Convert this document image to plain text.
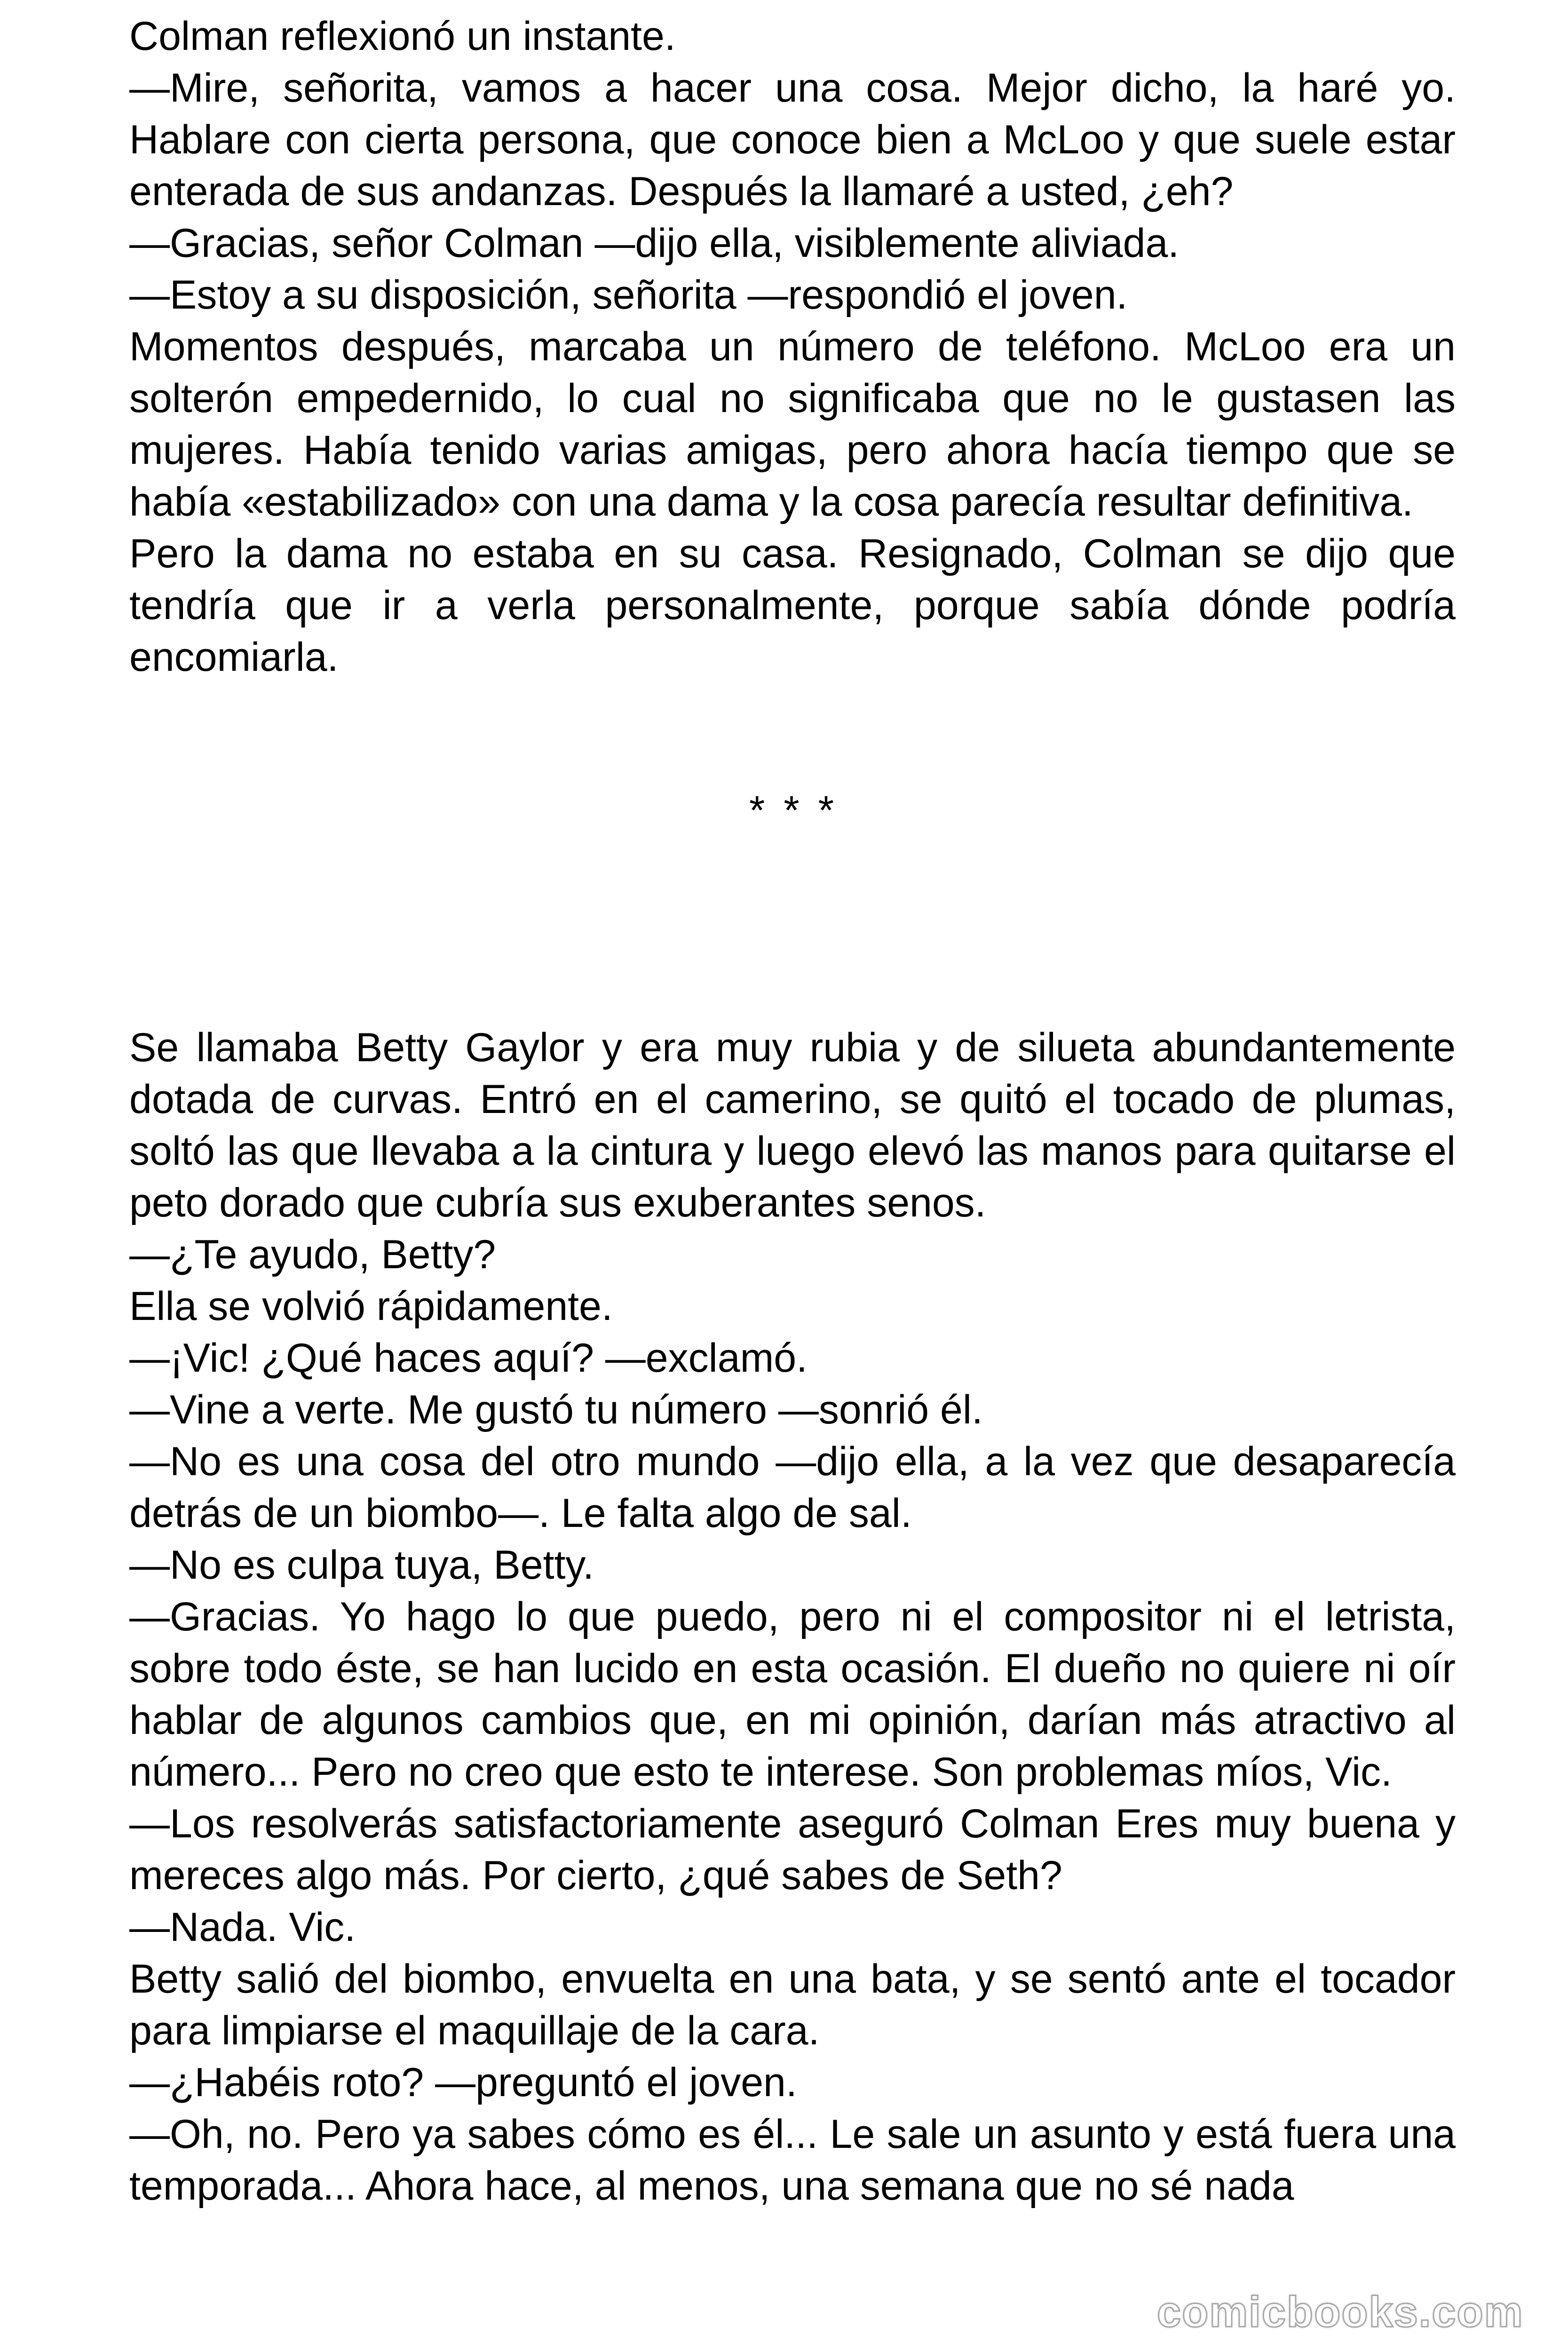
Colman reflexionó un instante.

—Mire, señorita, vamos a hacer una cosa. Mejor dicho, la haré yo. Hablare con cierta persona, que conoce bien a McLoo y que suele estar enterada de sus andanzas. Después la llamaré a usted, ¿eh?

—Gracias, señor Colman —dijo ella, visiblemente aliviada.

—Estoy a su disposición, señorita —respondió el joven.

Momentos después, marcaba un número de teléfono. McLoo era un solterón empedernido, lo cual no significaba que no le gustasen las mujeres. Había tenido varias amigas, pero ahora hacía tiempo que se había «estabilizado» con una dama y la cosa parecía resultar definitiva.

Pero la dama no estaba en su casa. Resignado, Colman se dijo que tendría que ir a verla personalmente, porque sabía dónde podría encomiarla.

* * *

Se llamaba Betty Gaylor y era muy rubia y de silueta abundantemente dotada de curvas. Entró en el camerino, se quitó el tocado de plumas, soltó las que llevaba a la cintura y luego elevó las manos para quitarse el peto dorado que cubría sus exuberantes senos.

—¿Te ayudo, Betty?

Ella se volvió rápidamente.

—¡Vic! ¿Qué haces aquí? —exclamó.

—Vine a verte. Me gustó tu número —sonrió él.

—No es una cosa del otro mundo —dijo ella, a la vez que desaparecía detrás de un biombo—. Le falta algo de sal.

—No es culpa tuya, Betty.

—Gracias. Yo hago lo que puedo, pero ni el compositor ni el letrista, sobre todo éste, se han lucido en esta ocasión. El dueño no quiere ni oír hablar de algunos cambios que, en mi opinión, darían más atractivo al número... Pero no creo que esto te interese. Son problemas míos, Vic.

—Los resolverás satisfactoriamente aseguró Colman Eres muy buena y mereces algo más. Por cierto, ¿qué sabes de Seth?

—Nada. Vic.

Betty salió del biombo, envuelta en una bata, y se sentó ante el tocador para limpiarse el maquillaje de la cara.

—¿Habéis roto? —preguntó el joven.

—Oh, no. Pero ya sabes cómo es él... Le sale un asunto y está fuera una temporada... Ahora hace, al menos, una semana que no sé nada

comicbooks.com
